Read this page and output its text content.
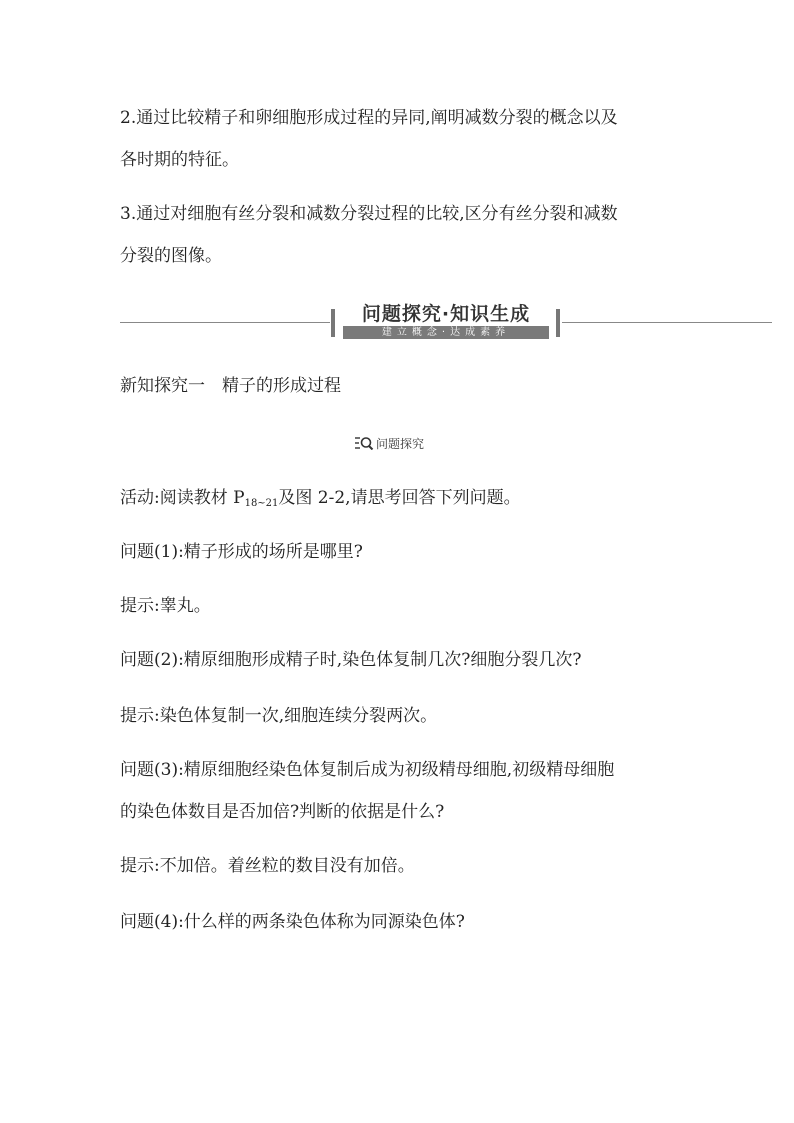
2.通过比较精子和卵细胞形成过程的异同,阐明减数分裂的概念以及

各时期的特征。

3.通过对细胞有丝分裂和减数分裂过程的比较,区分有丝分裂和减数

分裂的图像。

问题探究·知识生成
建立概念·达成素养

新知探究一　精子的形成过程

问题探究

活动:阅读教材 $P_{18\sim 21}$及图 2-2,请思考回答下列问题。

问题(1):精子形成的场所是哪里?

提示:睾丸。

问题(2):精原细胞形成精子时,染色体复制几次?细胞分裂几次?

提示:染色体复制一次,细胞连续分裂两次。

问题(3):精原细胞经染色体复制后成为初级精母细胞,初级精母细胞

的染色体数目是否加倍?判断的依据是什么?

提示:不加倍。着丝粒的数目没有加倍。

问题(4):什么样的两条染色体称为同源染色体?
